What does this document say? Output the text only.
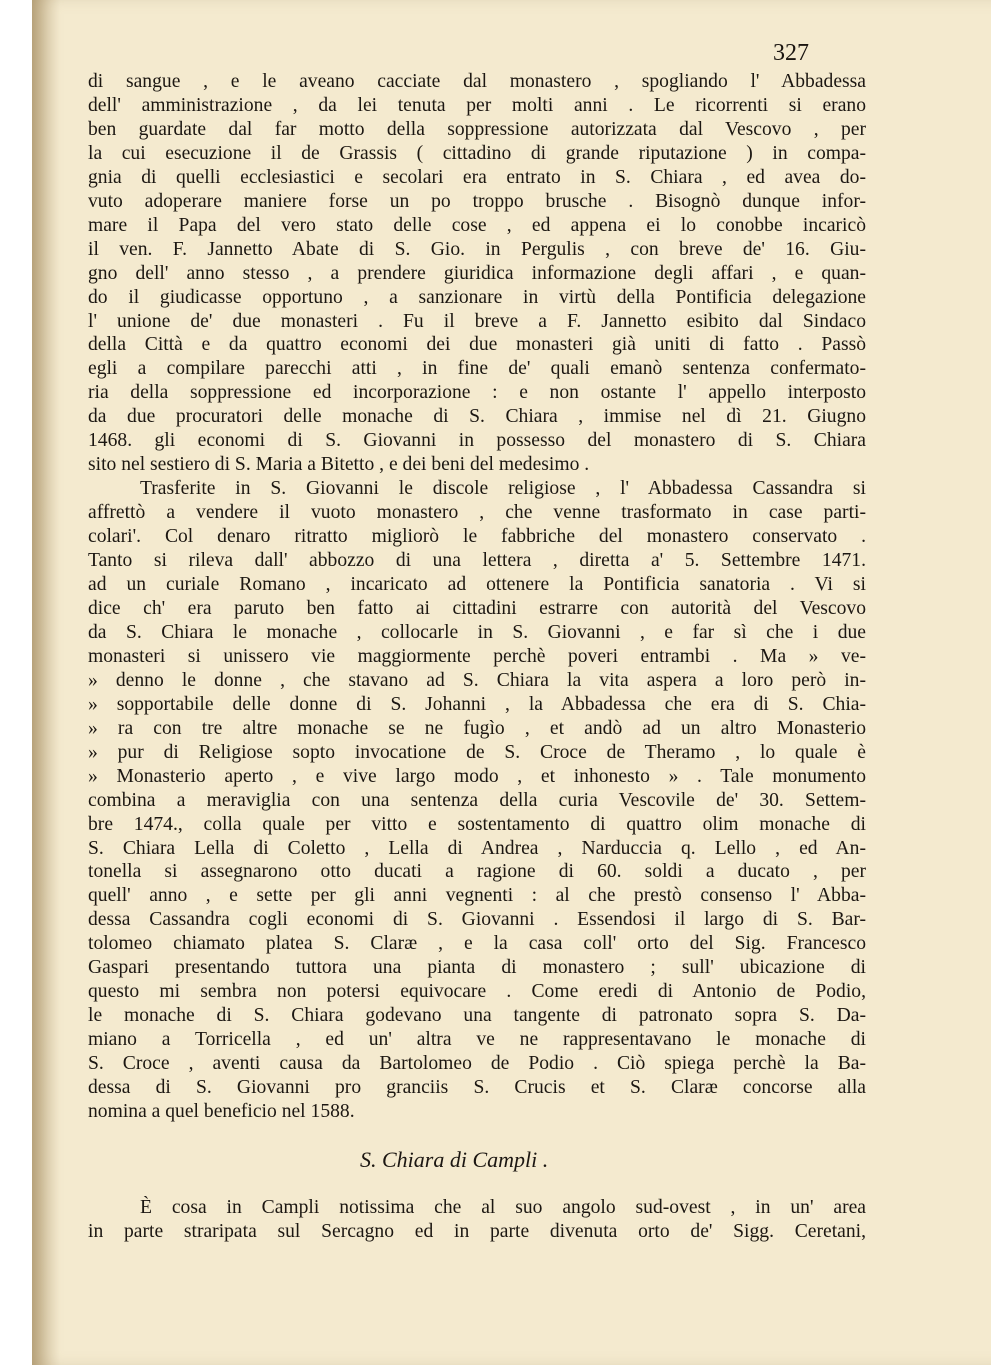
327
di sangue , e le aveano cacciate dal monastero , spogliando l' Abbadessa
dell' amministrazione , da lei tenuta per molti anni . Le ricorrenti si erano
ben guardate dal far motto della soppressione autorizzata dal Vescovo , per
la cui esecuzione il de Grassis ( cittadino di grande riputazione ) in compa-
gnia di quelli ecclesiastici e secolari era entrato in S. Chiara , ed avea do-
vuto adoperare maniere forse un po troppo brusche . Bisognò dunque infor-
mare il Papa del vero stato delle cose , ed appena ei lo conobbe incaricò
il ven. F. Jannetto Abate di S. Gio. in Pergulis , con breve de' 16. Giu-
gno dell' anno stesso , a prendere giuridica informazione degli affari , e quan-
do il giudicasse opportuno , a sanzionare in virtù della Pontificia delegazione
l' unione de' due monasteri . Fu il breve a F. Jannetto esibito dal Sindaco
della Città e da quattro economi dei due monasteri già uniti di fatto . Passò
egli a compilare parecchi atti , in fine de' quali emanò sentenza confermato-
ria della soppressione ed incorporazione : e non ostante l' appello interposto
da due procuratori delle monache di S. Chiara , immise nel dì 21. Giugno
1468. gli economi di S. Giovanni in possesso del monastero di S. Chiara
sito nel sestiero di S. Maria a Bitetto , e dei beni del medesimo .
Trasferite in S. Giovanni le discole religiose , l' Abbadessa Cassandra si
affrettò a vendere il vuoto monastero , che venne trasformato in case parti-
colari'. Col denaro ritratto migliorò le fabbriche del monastero conservato .
Tanto si rileva dall' abbozzo di una lettera , diretta a' 5. Settembre 1471.
ad un curiale Romano , incaricato ad ottenere la Pontificia sanatoria . Vi si
dice ch' era paruto ben fatto ai cittadini estrarre con autorità del Vescovo
da S. Chiara le monache , collocarle in S. Giovanni , e far sì che i due
monasteri si unissero vie maggiormente perchè poveri entrambi . Ma » ve-
» denno le donne , che stavano ad S. Chiara la vita aspera a loro però in-
» sopportabile delle donne di S. Johanni , la Abbadessa che era di S. Chia-
» ra con tre altre monache se ne fugìo , et andò ad un altro Monasterio
» pur di Religiose sopto invocatione de S. Croce de Theramo , lo quale è
» Monasterio aperto , e vive largo modo , et inhonesto » . Tale monumento
combina a meraviglia con una sentenza della curia Vescovile de' 30. Settem-
bre 1474., colla quale per vitto e sostentamento di quattro olim monache di
S. Chiara Lella di Coletto , Lella di Andrea , Narduccia q. Lello , ed An-
tonella si assegnarono otto ducati a ragione di 60. soldi a ducato , per
quell' anno , e sette per gli anni vegnenti : al che prestò consenso l' Abba-
dessa Cassandra cogli economi di S. Giovanni . Essendosi il largo di S. Bar-
tolomeo chiamato platea S. Claræ , e la casa coll' orto del Sig. Francesco
Gaspari presentando tuttora una pianta di monastero ; sull' ubicazione di
questo mi sembra non potersi equivocare . Come eredi di Antonio de Podio,
le monache di S. Chiara godevano una tangente di patronato sopra S. Da-
miano a Torricella , ed un' altra ve ne rappresentavano le monache di
S. Croce , aventi causa da Bartolomeo de Podio . Ciò spiega perchè la Ba-
dessa di S. Giovanni pro granciis S. Crucis et S. Claræ concorse alla
nomina a quel beneficio nel 1588.
S. Chiara di Campli .
È cosa in Campli notissima che al suo angolo sud-ovest , in un' area
in parte straripata sul Sercagno ed in parte divenuta orto de' Sigg. Ceretani,
